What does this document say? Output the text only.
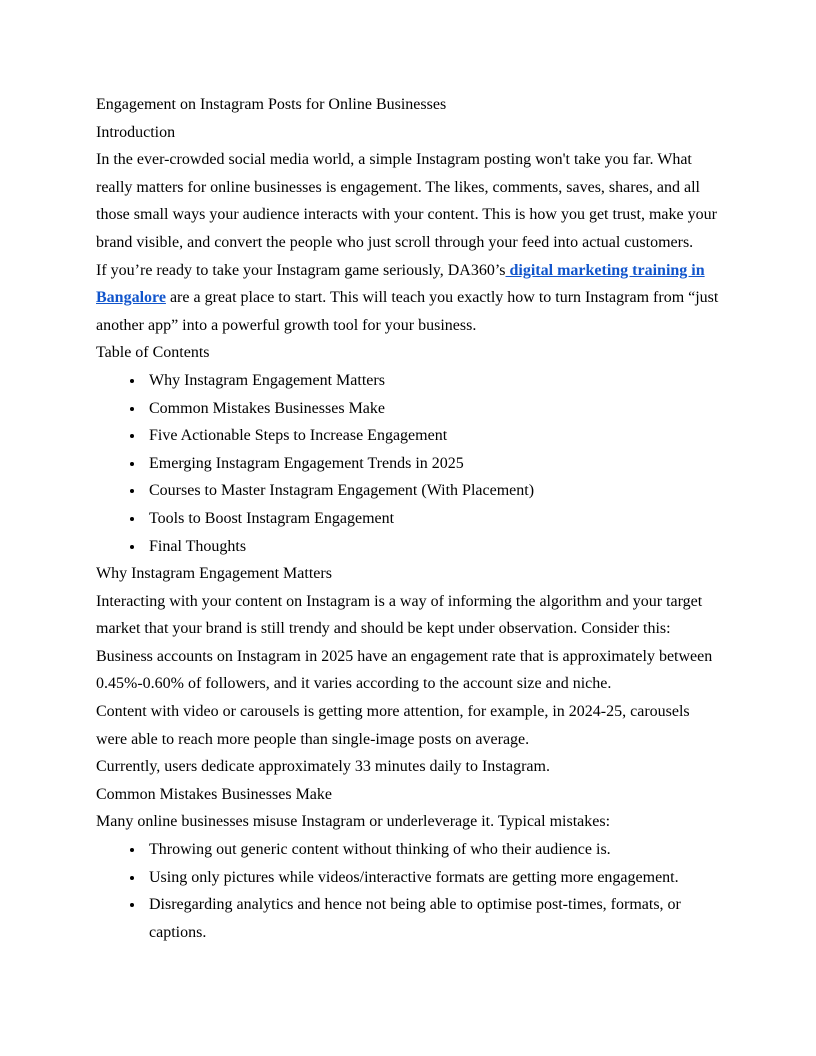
Engagement on Instagram Posts for Online Businesses
Introduction

In the ever-crowded social media world, a simple Instagram posting won't take you far. What really matters for online businesses is engagement. The likes, comments, saves, shares, and all those small ways your audience interacts with your content. This is how you get trust, make your brand visible, and convert the people who just scroll through your feed into actual customers.

If you’re ready to take your Instagram game seriously, DA360’s digital marketing training in Bangalore are a great place to start. This will teach you exactly how to turn Instagram from “just another app” into a powerful growth tool for your business.

Table of Contents

• Why Instagram Engagement Matters
• Common Mistakes Businesses Make
• Five Actionable Steps to Increase Engagement
• Emerging Instagram Engagement Trends in 2025
• Courses to Master Instagram Engagement (With Placement)
• Tools to Boost Instagram Engagement
• Final Thoughts
Why Instagram Engagement Matters

Interacting with your content on Instagram is a way of informing the algorithm and your target market that your brand is still trendy and should be kept under observation. Consider this:

Business accounts on Instagram in 2025 have an engagement rate that is approximately between 0.45%-0.60% of followers, and it varies according to the account size and niche.

Content with video or carousels is getting more attention, for example, in 2024-25, carousels were able to reach more people than single-image posts on average.

Currently, users dedicate approximately 33 minutes daily to Instagram.

Common Mistakes Businesses Make

Many online businesses misuse Instagram or underleverage it. Typical mistakes:

• Throwing out generic content without thinking of who their audience is.
• Using only pictures while videos/interactive formats are getting more engagement.
• Disregarding analytics and hence not being able to optimise post-times, formats, or captions.
